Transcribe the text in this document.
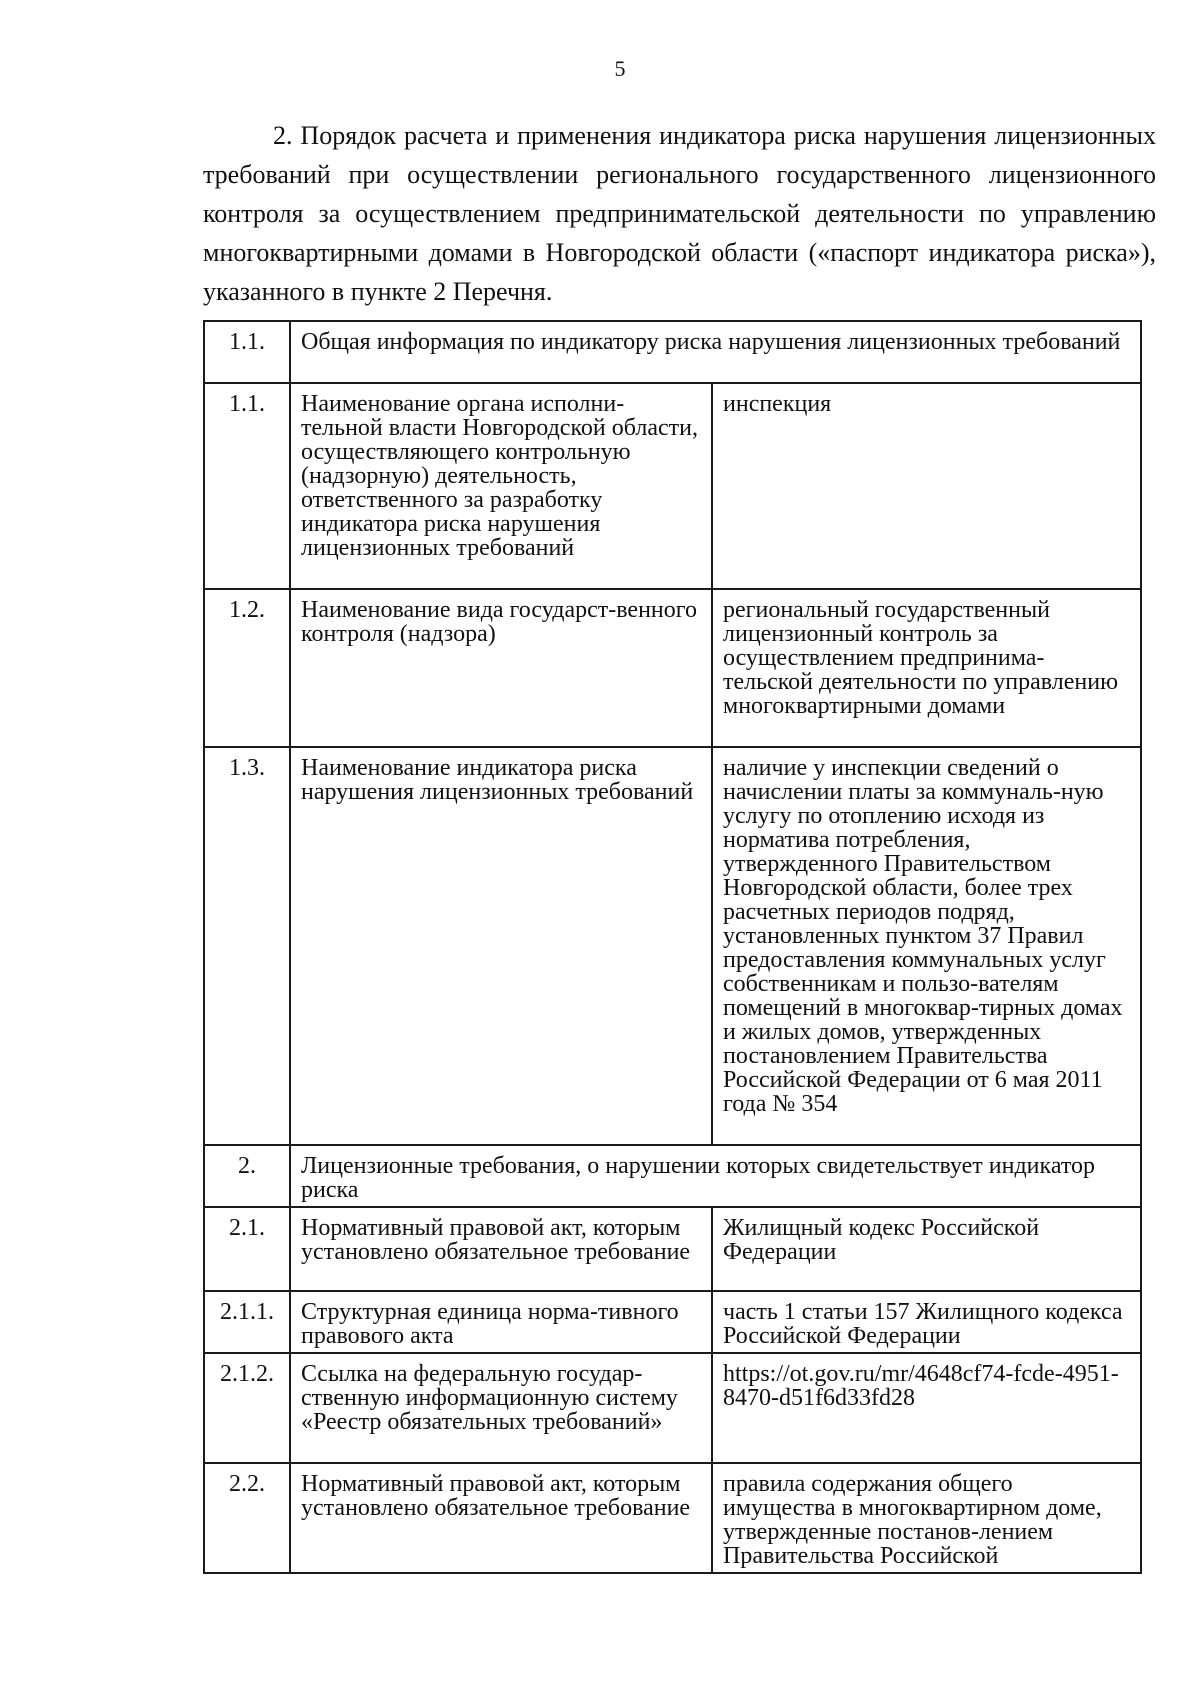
5

2. Порядок расчета и применения индикатора риска нарушения лицензионных требований при осуществлении регионального государственного лицензионного контроля за осуществлением предпринимательской деятельности по управлению многоквартирными домами в Новгородской области («паспорт индикатора риска»), указанного в пункте 2 Перечня.

1.1.	Общая информация по индикатору риска нарушения лицензионных требований	
1.1.	Наименование органа исполни-тельной власти Новгородской области, осуществляющего контрольную (надзорную) деятельность, ответственного за разработку индикатора риска нарушения лицензионных требований	инспекция
1.2.	Наименование вида государст-венного контроля (надзора)	региональный государственный лицензионный контроль за осуществлением предпринима-тельской деятельности по управлению многоквартирными домами
1.3.	Наименование индикатора риска нарушения лицензионных требований	наличие у инспекции сведений о начислении платы за коммуналь-ную услугу по отоплению исходя из норматива потребления, утвержденного Правительством Новгородской области, более трех расчетных периодов подряд, установленных пунктом 37 Правил предоставления коммунальных услуг собственникам и пользо-вателям помещений в многоквар-тирных домах и жилых домов, утвержденных постановлением Правительства Российской Федерации от 6 мая 2011 года № 354
2.	Лицензионные требования, о нарушении которых свидетельствует индикатор риска	
2.1.	Нормативный правовой акт, которым установлено обязательное требование	Жилищный кодекс Российской Федерации
2.1.1.	Структурная единица норма-тивного правового акта	часть 1 статьи 157 Жилищного кодекса Российской Федерации
2.1.2.	Ссылка на федеральную государ-ственную информационную систему «Реестр обязательных требований»	https://ot.gov.ru/mr/4648cf74-fcde-4951-8470-d51f6d33fd28
2.2.	Нормативный правовой акт, которым установлено обязательное требование	правила содержания общего имущества в многоквартирном доме, утвержденные постанов-лением Правительства Российской
